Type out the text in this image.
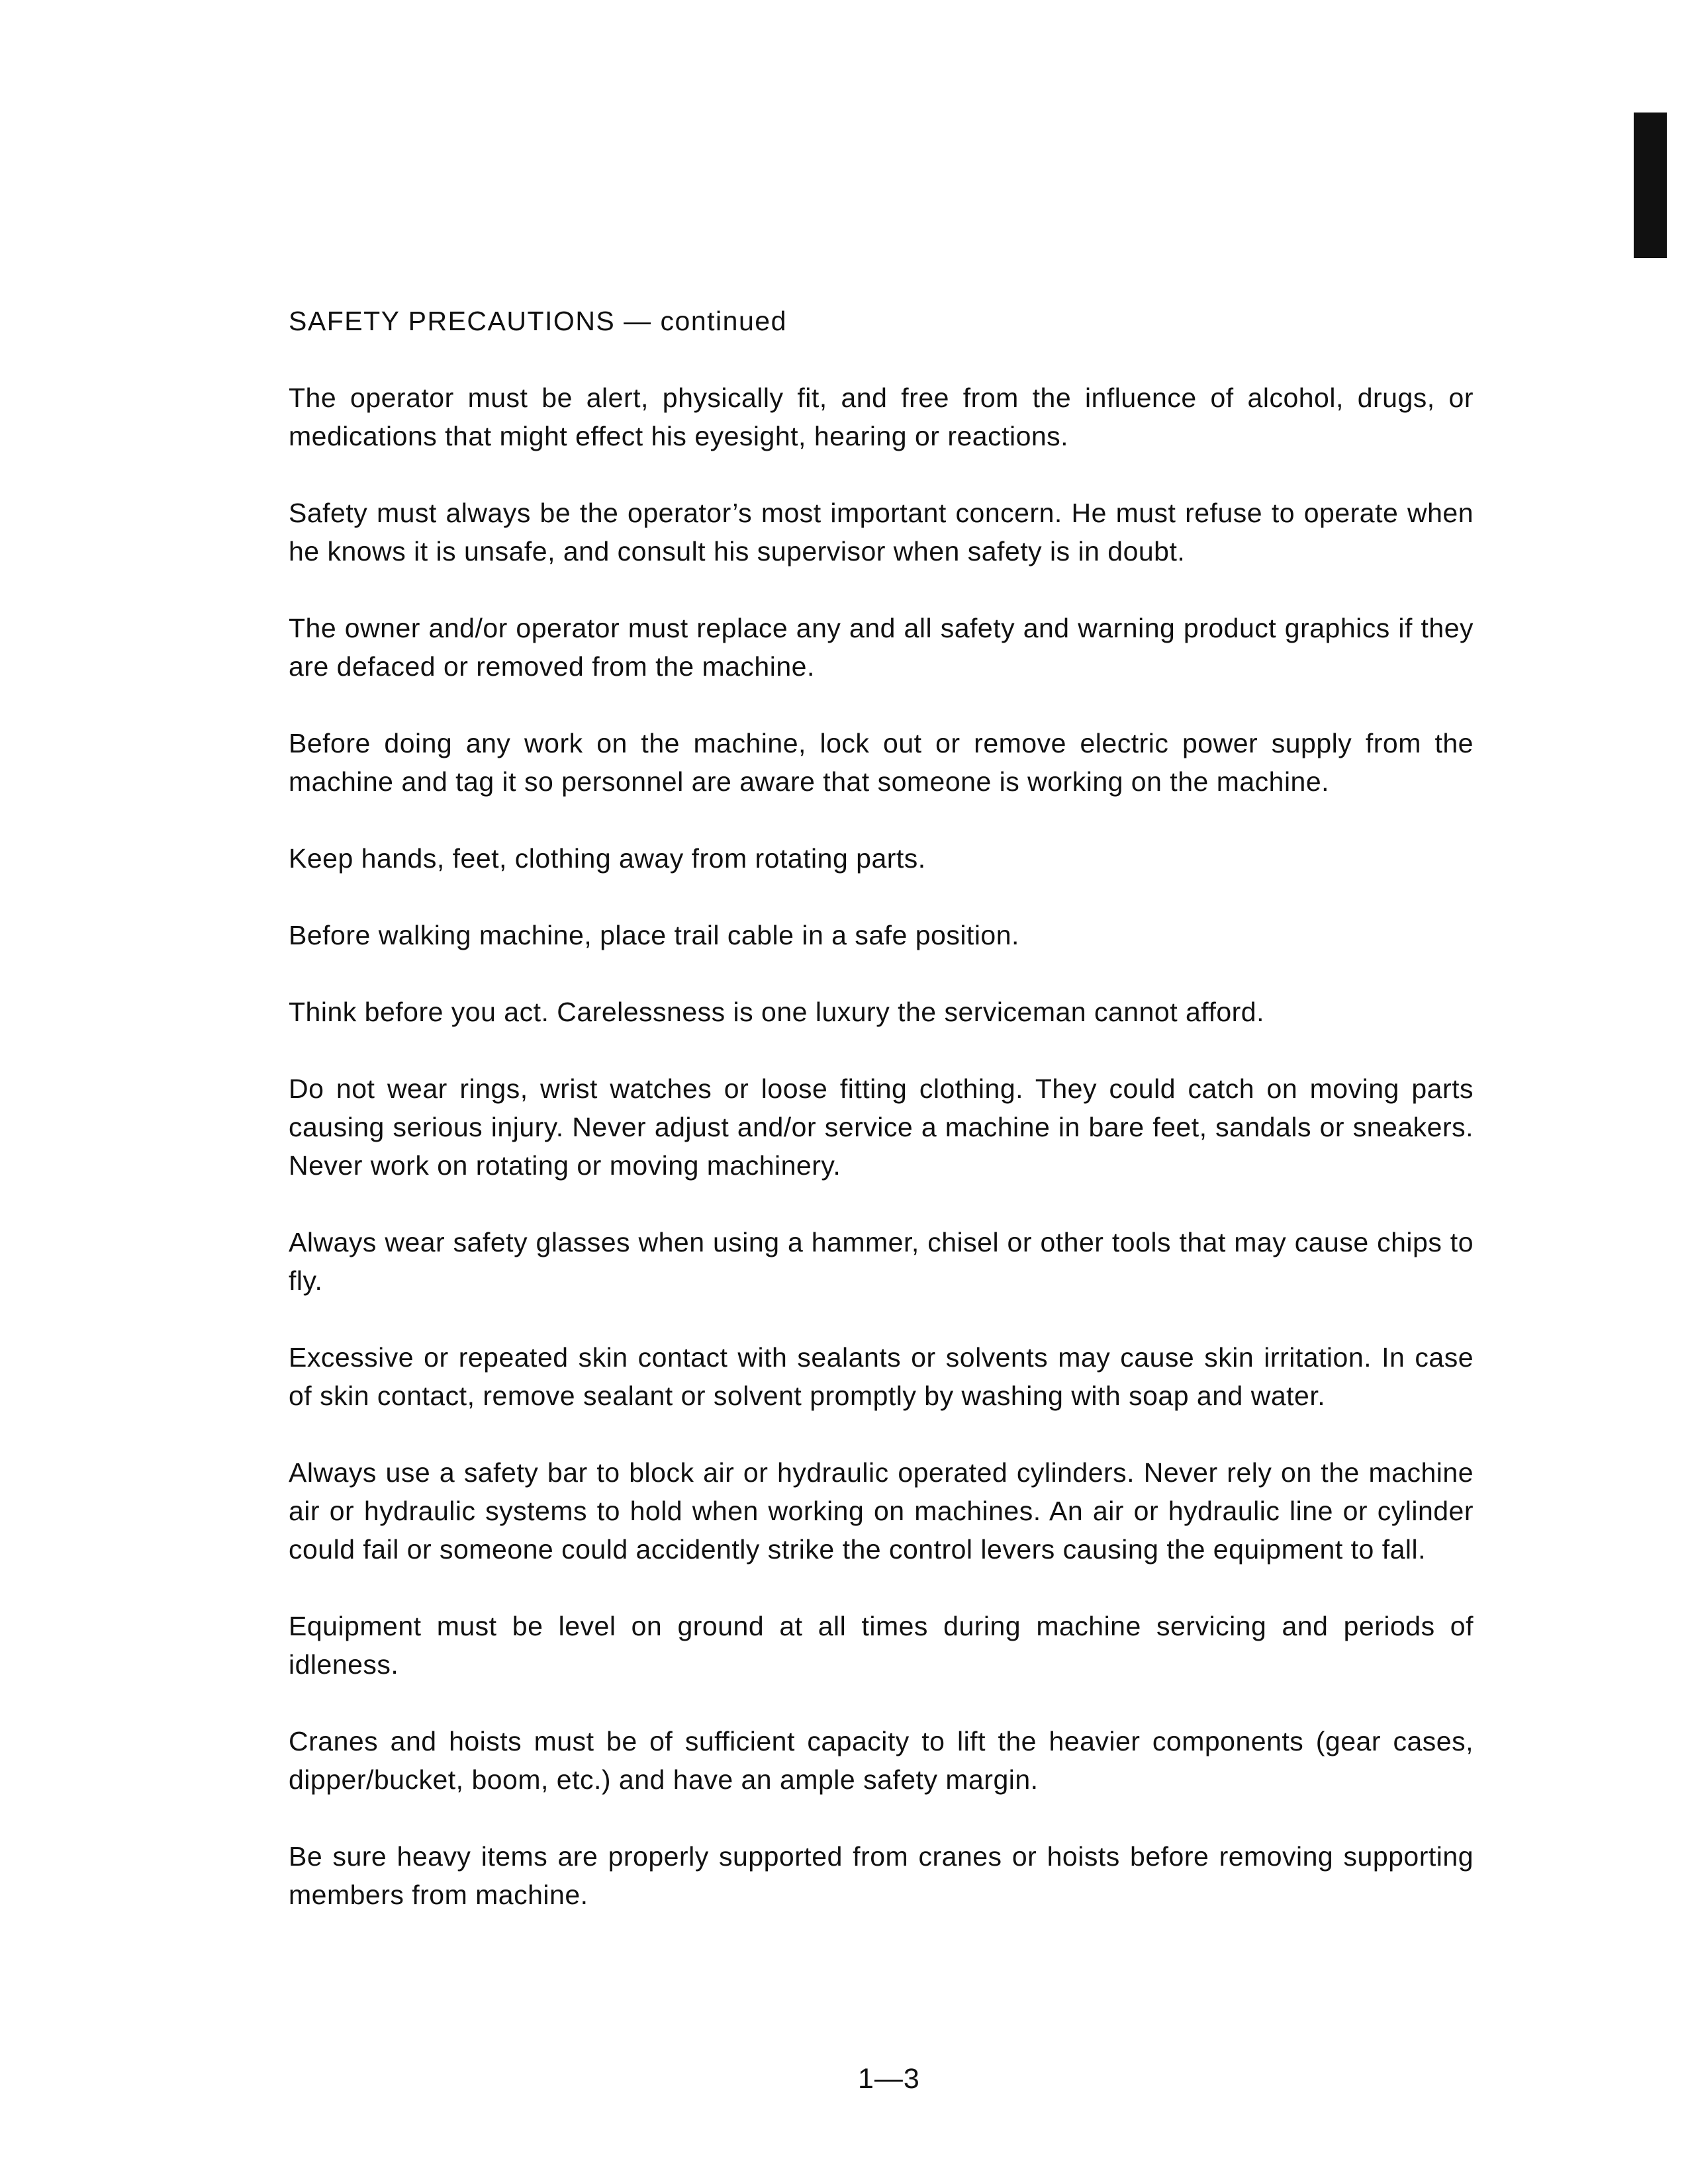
SAFETY PRECAUTIONS — continued

The operator must be alert, physically fit, and free from the influence of alcohol, drugs, or medications that might effect his eyesight, hearing or reactions.

Safety must always be the operator’s most important concern. He must refuse to operate when he knows it is unsafe, and consult his supervisor when safety is in doubt.

The owner and/or operator must replace any and all safety and warning product graphics if they are defaced or removed from the machine.

Before doing any work on the machine, lock out or remove electric power supply from the machine and tag it so personnel are aware that someone is working on the machine.

Keep hands, feet, clothing away from rotating parts.

Before walking machine, place trail cable in a safe position.

Think before you act. Carelessness is one luxury the serviceman cannot afford.

Do not wear rings, wrist watches or loose fitting clothing. They could catch on moving parts causing serious injury. Never adjust and/or service a machine in bare feet, sandals or sneakers. Never work on rotating or moving machinery.

Always wear safety glasses when using a hammer, chisel or other tools that may cause chips to fly.

Excessive or repeated skin contact with sealants or solvents may cause skin irritation. In case of skin contact, remove sealant or solvent promptly by washing with soap and water.

Always use a safety bar to block air or hydraulic operated cylinders. Never rely on the machine air or hydraulic systems to hold when working on machines. An air or hydraulic line or cylinder could fail or someone could accidently strike the control levers causing the equipment to fall.

Equipment must be level on ground at all times during machine servicing and periods of idleness.

Cranes and hoists must be of sufficient capacity to lift the heavier components (gear cases, dipper/bucket, boom, etc.) and have an ample safety margin.

Be sure heavy items are properly supported from cranes or hoists before removing supporting members from machine.

1—3
